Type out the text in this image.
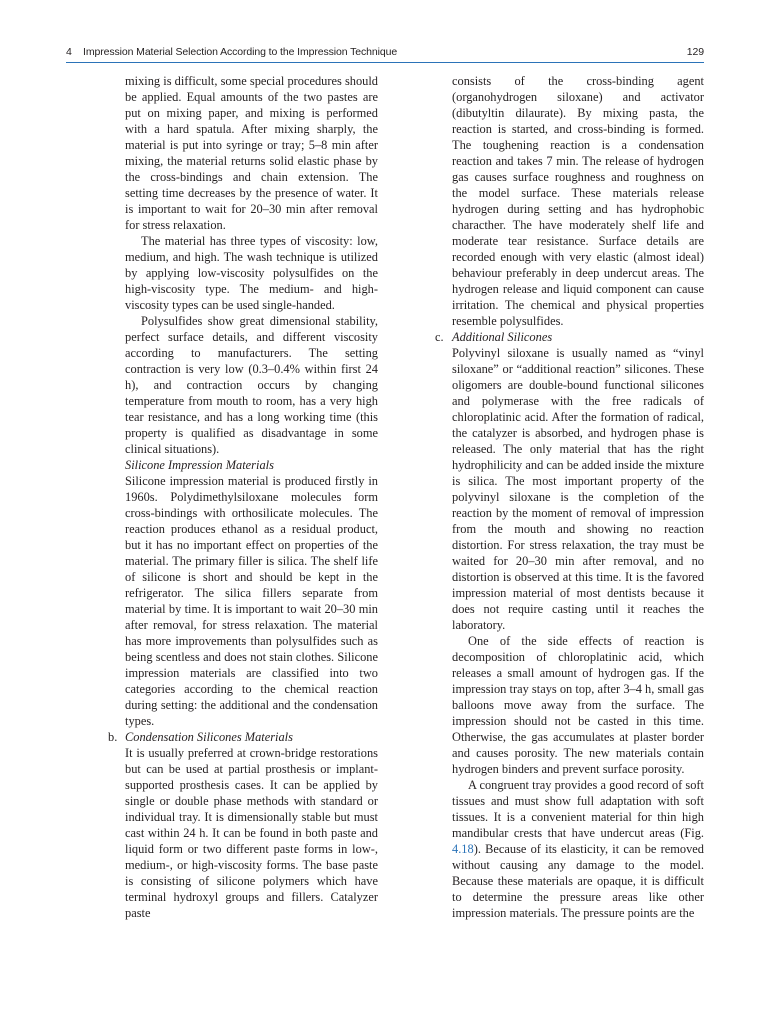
4 Impression Material Selection According to the Impression Technique	129

mixing is difficult, some special procedures should be applied. Equal amounts of the two pastes are put on mixing paper, and mixing is performed with a hard spatula. After mixing sharply, the material is put into syringe or tray; 5–8 min after mixing, the material returns solid elastic phase by the cross-bindings and chain extension. The setting time decreases by the presence of water. It is important to wait for 20–30 min after removal for stress relaxation.

The material has three types of viscosity: low, medium, and high. The wash technique is utilized by applying low-viscosity polysulfides on the high-viscosity type. The medium- and high-viscosity types can be used single-handed.

Polysulfides show great dimensional stability, perfect surface details, and different viscosity according to manufacturers. The setting contraction is very low (0.3–0.4% within first 24 h), and contraction occurs by changing temperature from mouth to room, has a very high tear resistance, and has a long working time (this property is qualified as disadvantage in some clinical situations).

Silicone Impression Materials

Silicone impression material is produced firstly in 1960s. Polydimethylsiloxane molecules form cross-bindings with orthosilicate molecules. The reaction produces ethanol as a residual product, but it has no important effect on properties of the material. The primary filler is silica. The shelf life of silicone is short and should be kept in the refrigerator. The silica fillers separate from material by time. It is important to wait 20–30 min after removal, for stress relaxation. The material has more improvements than polysulfides such as being scentless and does not stain clothes. Silicone impression materials are classified into two categories according to the chemical reaction during setting: the additional and the condensation types.

b. Condensation Silicones Materials

It is usually preferred at crown-bridge restorations but can be used at partial prosthesis or implant-supported prosthesis cases. It can be applied by single or double phase methods with standard or individual tray. It is dimensionally stable but must cast within 24 h. It can be found in both paste and liquid form or two different paste forms in low-, medium-, or high-viscosity forms. The base paste is consisting of silicone polymers which have terminal hydroxyl groups and fillers. Catalyzer paste

consists of the cross-binding agent (organohydrogen siloxane) and activator (dibutyltin dilaurate). By mixing pasta, the reaction is started, and cross-binding is formed. The toughening reaction is a condensation reaction and takes 7 min. The release of hydrogen gas causes surface roughness and roughness on the model surface. These materials release hydrogen during setting and has hydrophobic characther. The have moderately shelf life and moderate tear resistance. Surface details are recorded enough with very elastic (almost ideal) behaviour preferably in deep undercut areas. The hydrogen release and liquid component can cause irritation. The chemical and physical properties resemble polysulfides.

c. Additional Silicones

Polyvinyl siloxane is usually named as “vinyl siloxane” or “additional reaction” silicones. These oligomers are double-bound functional silicones and polymerase with the free radicals of chloroplatinic acid. After the formation of radical, the catalyzer is absorbed, and hydrogen phase is released. The only material that has the right hydrophilicity and can be added inside the mixture is silica. The most important property of the polyvinyl siloxane is the completion of the reaction by the moment of removal of impression from the mouth and showing no reaction distortion. For stress relaxation, the tray must be waited for 20–30 min after removal, and no distortion is observed at this time. It is the favored impression material of most dentists because it does not require casting until it reaches the laboratory.

One of the side effects of reaction is decomposition of chloroplatinic acid, which releases a small amount of hydrogen gas. If the impression tray stays on top, after 3–4 h, small gas balloons move away from the surface. The impression should not be casted in this time. Otherwise, the gas accumulates at plaster border and causes porosity. The new materials contain hydrogen binders and prevent surface porosity.

A congruent tray provides a good record of soft tissues and must show full adaptation with soft tissues. It is a convenient material for thin high mandibular crests that have undercut areas (Fig. 4.18). Because of its elasticity, it can be removed without causing any damage to the model. Because these materials are opaque, it is difficult to determine the pressure areas like other impression materials. The pressure points are the
